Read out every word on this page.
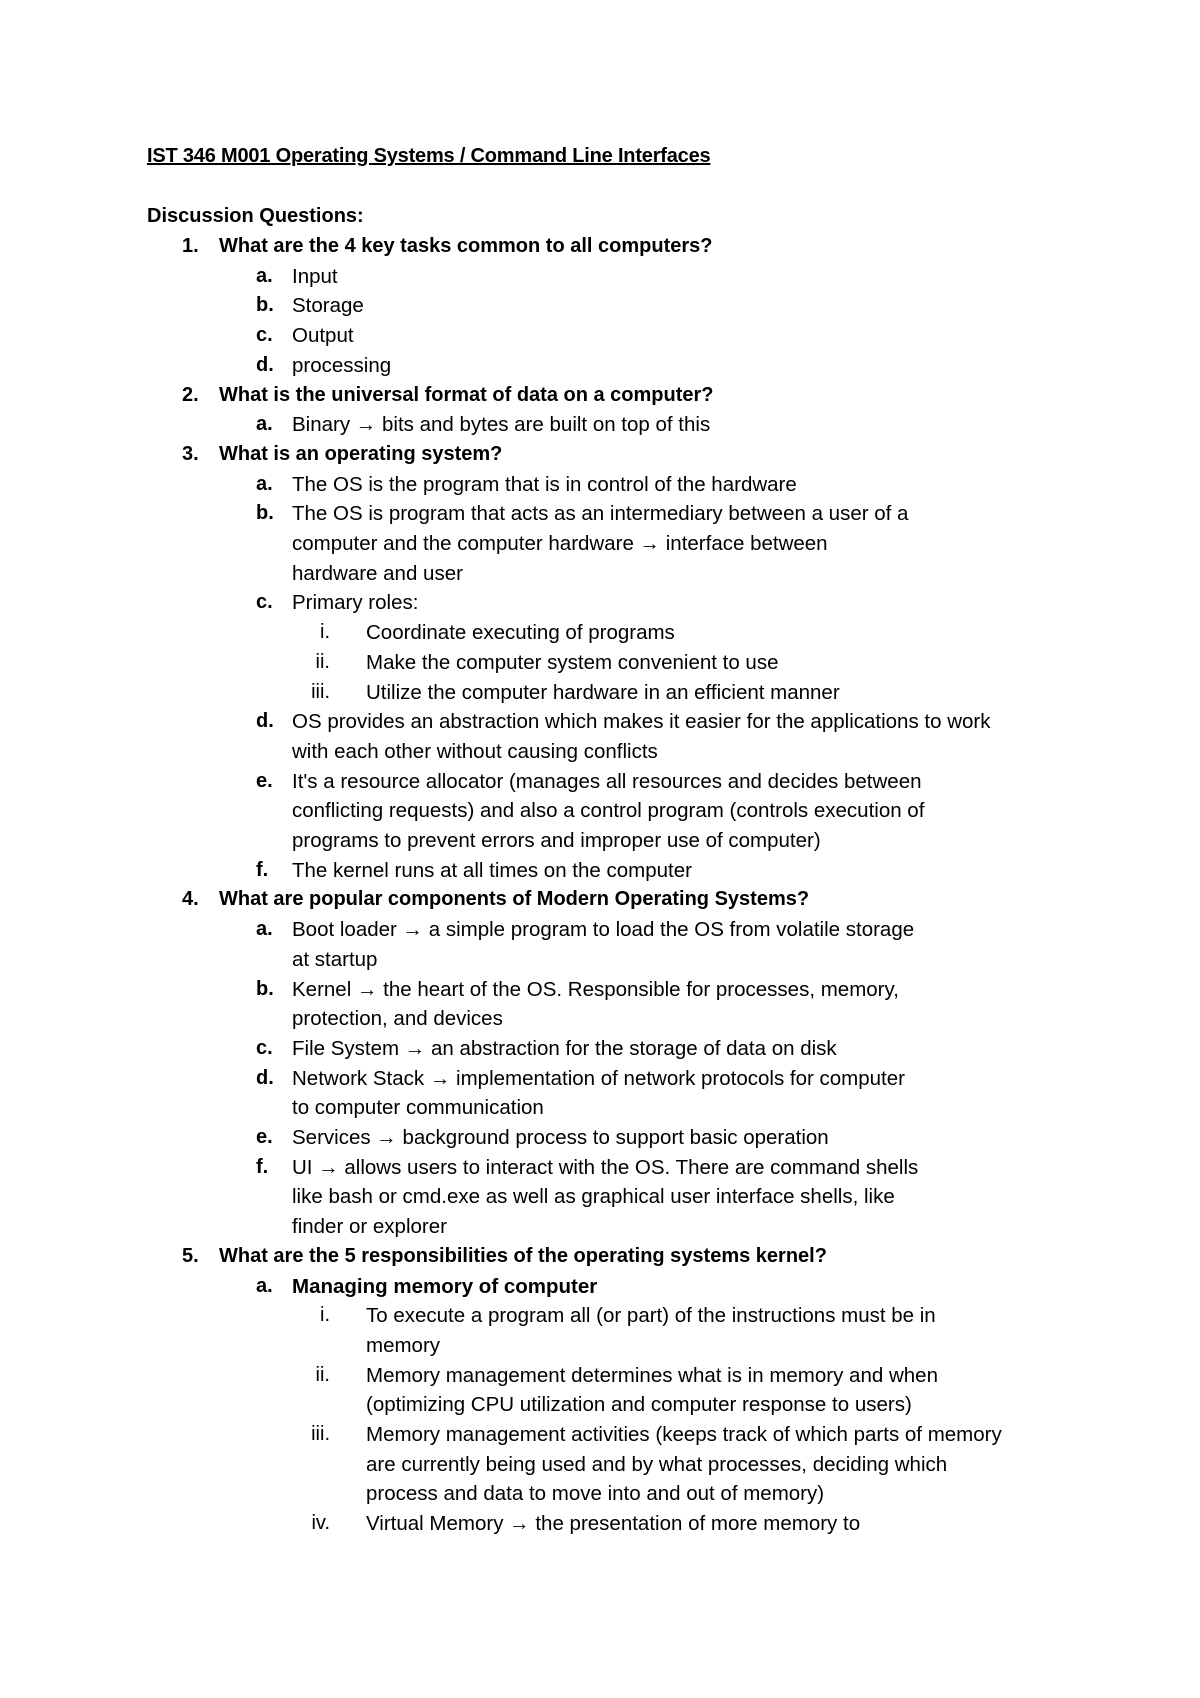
IST 346 M001 Operating Systems / Command Line Interfaces
Discussion Questions:
1.	What are the 4 key tasks common to all computers?
a. Input
b. Storage
c. Output
d. processing
2.	What is the universal format of data on a computer?
a. Binary → bits and bytes are built on top of this
3.	What is an operating system?
a. The OS is the program that is in control of the hardware
b. The OS is program that acts as an intermediary between a user of a
computer and the computer hardware → interface between
hardware and user
c. Primary roles:
i. Coordinate executing of programs
ii. Make the computer system convenient to use
iii. Utilize the computer hardware in an efficient manner
d. OS provides an abstraction which makes it easier for the applications to work
with each other without causing conflicts
e. It's a resource allocator (manages all resources and decides between
conflicting requests) and also a control program (controls execution of
programs to prevent errors and improper use of computer)
f.	The kernel runs at all times on the computer
4.	What are popular components of Modern Operating Systems?
a. Boot loader → a simple program to load the OS from volatile storage
at startup
b. Kernel → the heart of the OS. Responsible for processes, memory,
protection, and devices
c. File System → an abstraction for the storage of data on disk
d. Network Stack → implementation of network protocols for computer
to computer communication
e. Services → background process to support basic operation
f.	UI → allows users to interact with the OS. There are command shells
like bash or cmd.exe as well as graphical user interface shells, like
finder or explorer
5.	What are the 5 responsibilities of the operating systems kernel?
a. Managing memory of computer
i. To execute a program all (or part) of the instructions must be in
memory
ii. Memory management determines what is in memory and when
(optimizing CPU utilization and computer response to users)
iii. Memory management activities (keeps track of which parts of memory
are currently being used and by what processes, deciding which
process and data to move into and out of memory)
iv. Virtual Memory → the presentation of more memory to
